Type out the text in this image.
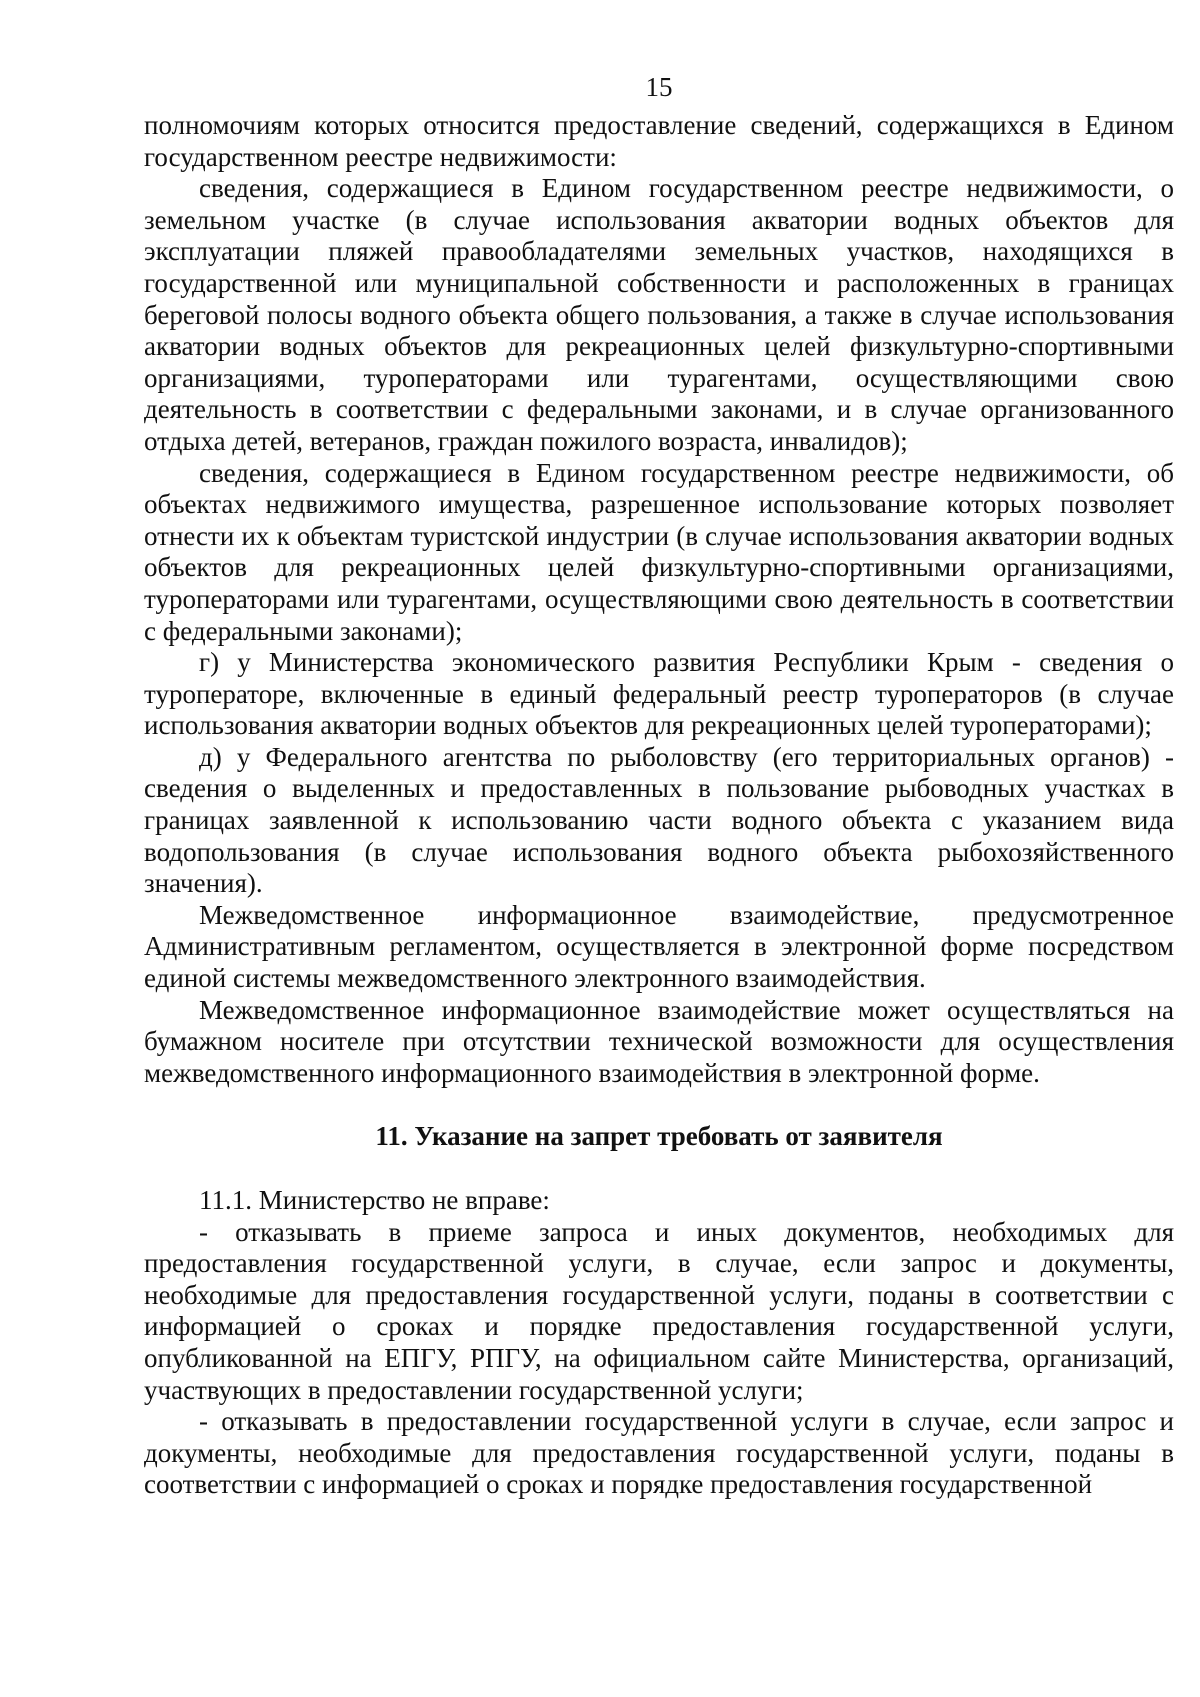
15

полномочиям которых относится предоставление сведений, содержащихся в Едином государственном реестре недвижимости:

сведения, содержащиеся в Едином государственном реестре недвижимости, о земельном участке (в случае использования акватории водных объектов для эксплуатации пляжей правообладателями земельных участков, находящихся в государственной или муниципальной собственности и расположенных в границах береговой полосы водного объекта общего пользования, а также в случае использования акватории водных объектов для рекреационных целей физкультурно-спортивными организациями, туроператорами или турагентами, осуществляющими свою деятельность в соответствии с федеральными законами, и в случае организованного отдыха детей, ветеранов, граждан пожилого возраста, инвалидов);

сведения, содержащиеся в Едином государственном реестре недвижимости, об объектах недвижимого имущества, разрешенное использование которых позволяет отнести их к объектам туристской индустрии (в случае использования акватории водных объектов для рекреационных целей физкультурно-спортивными организациями, туроператорами или турагентами, осуществляющими свою деятельность в соответствии с федеральными законами);

г) у Министерства экономического развития Республики Крым - сведения о туроператоре, включенные в единый федеральный реестр туроператоров (в случае использования акватории водных объектов для рекреационных целей туроператорами);

д) у Федерального агентства по рыболовству (его территориальных органов) - сведения о выделенных и предоставленных в пользование рыбоводных участках в границах заявленной к использованию части водного объекта с указанием вида водопользования (в случае использования водного объекта рыбохозяйственного значения).

Межведомственное информационное взаимодействие, предусмотренное Административным регламентом, осуществляется в электронной форме посредством единой системы межведомственного электронного взаимодействия.

Межведомственное информационное взаимодействие может осуществляться на бумажном носителе при отсутствии технической возможности для осуществления межведомственного информационного взаимодействия в электронной форме.

11. Указание на запрет требовать от заявителя

11.1. Министерство не вправе:

- отказывать в приеме запроса и иных документов, необходимых для предоставления государственной услуги, в случае, если запрос и документы, необходимые для предоставления государственной услуги, поданы в соответствии с информацией о сроках и порядке предоставления государственной услуги, опубликованной на ЕПГУ, РПГУ, на официальном сайте Министерства, организаций, участвующих в предоставлении государственной услуги;

- отказывать в предоставлении государственной услуги в случае, если запрос и документы, необходимые для предоставления государственной услуги, поданы в соответствии с информацией о сроках и порядке предоставления государственной
